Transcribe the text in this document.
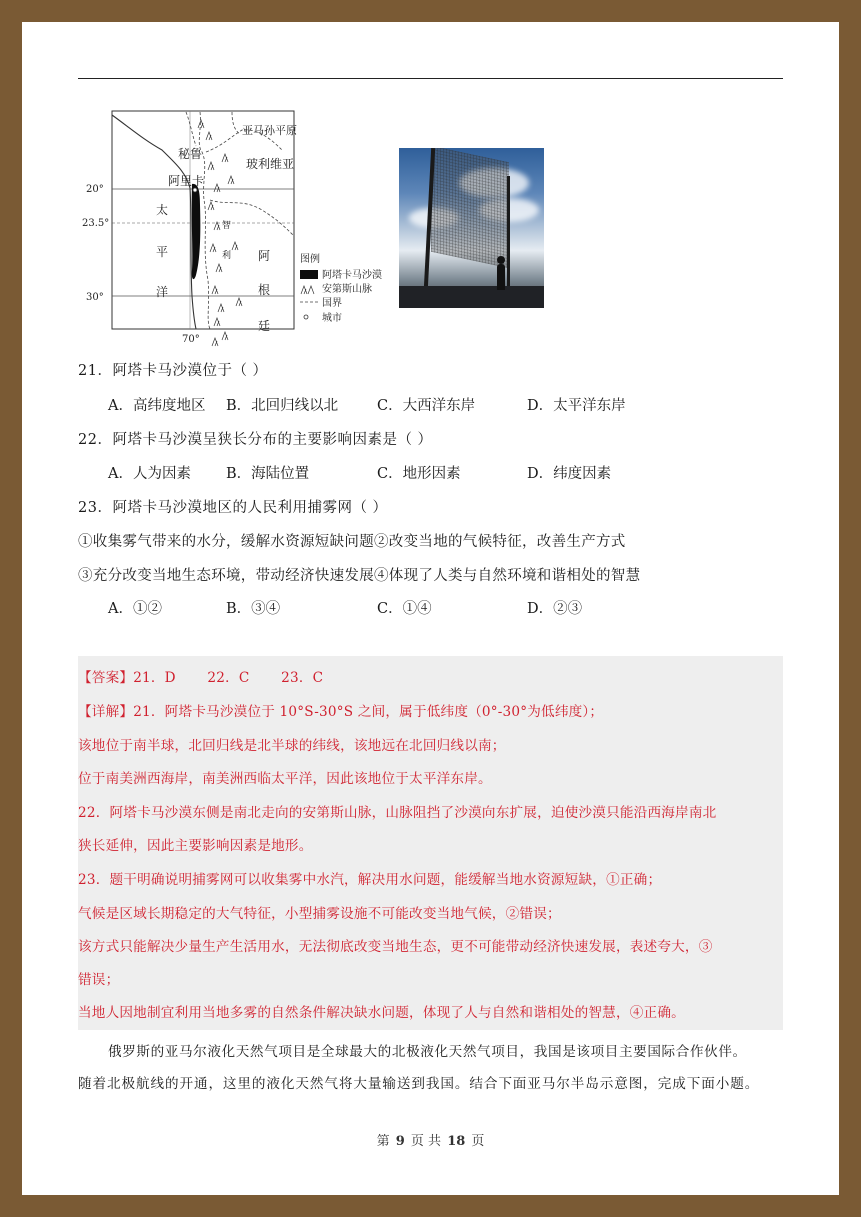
秘鲁
亚马孙平原
玻利维亚
阿里卡
太
平
洋
阿
根
廷
智
利
20°
23.5°
30°
70°
图例
阿塔卡马沙漠
安第斯山脉
国界
城市
21．阿塔卡马沙漠位于（ ）
A．高纬度地区 B．北回归线以北	C．大西洋东岸	D．太平洋东岸
22．阿塔卡马沙漠呈狭长分布的主要影响因素是（ ）
A．人为因素 B．海陆位置	C．地形因素	D．纬度因素
23．阿塔卡马沙漠地区的人民利用捕雾网（ ）
①收集雾气带来的水分，缓解水资源短缺问题②改变当地的气候特征，改善生产方式
③充分改变当地生态环境，带动经济快速发展④体现了人类与自然环境和谐相处的智慧
A．①②	B．③④	C．①④	D．②③
【答案】21．D       22．C       23．C
【详解】21．阿塔卡马沙漠位于 10°S-30°S 之间，属于低纬度（0°-30°为低纬度）；
该地位于南半球，北回归线是北半球的纬线，该地远在北回归线以南；
位于南美洲西海岸，南美洲西临太平洋，因此该地位于太平洋东岸。
22．阿塔卡马沙漠东侧是南北走向的安第斯山脉，山脉阻挡了沙漠向东扩展，迫使沙漠只能沿西海岸南北
狭长延伸，因此主要影响因素是地形。
23．题干明确说明捕雾网可以收集雾中水汽，解决用水问题，能缓解当地水资源短缺，①正确；
气候是区域长期稳定的大气特征，小型捕雾设施不可能改变当地气候，②错误；
该方式只能解决少量生产生活用水，无法彻底改变当地生态，更不可能带动经济快速发展，表述夸大，③
错误；
当地人因地制宜利用当地多雾的自然条件解决缺水问题，体现了人与自然和谐相处的智慧，④正确。
俄罗斯的亚马尔液化天然气项目是全球最大的北极液化天然气项目，我国是该项目主要国际合作伙伴。
随着北极航线的开通，这里的液化天然气将大量输送到我国。结合下面亚马尔半岛示意图，完成下面小题。
第 9 页 共 18 页
